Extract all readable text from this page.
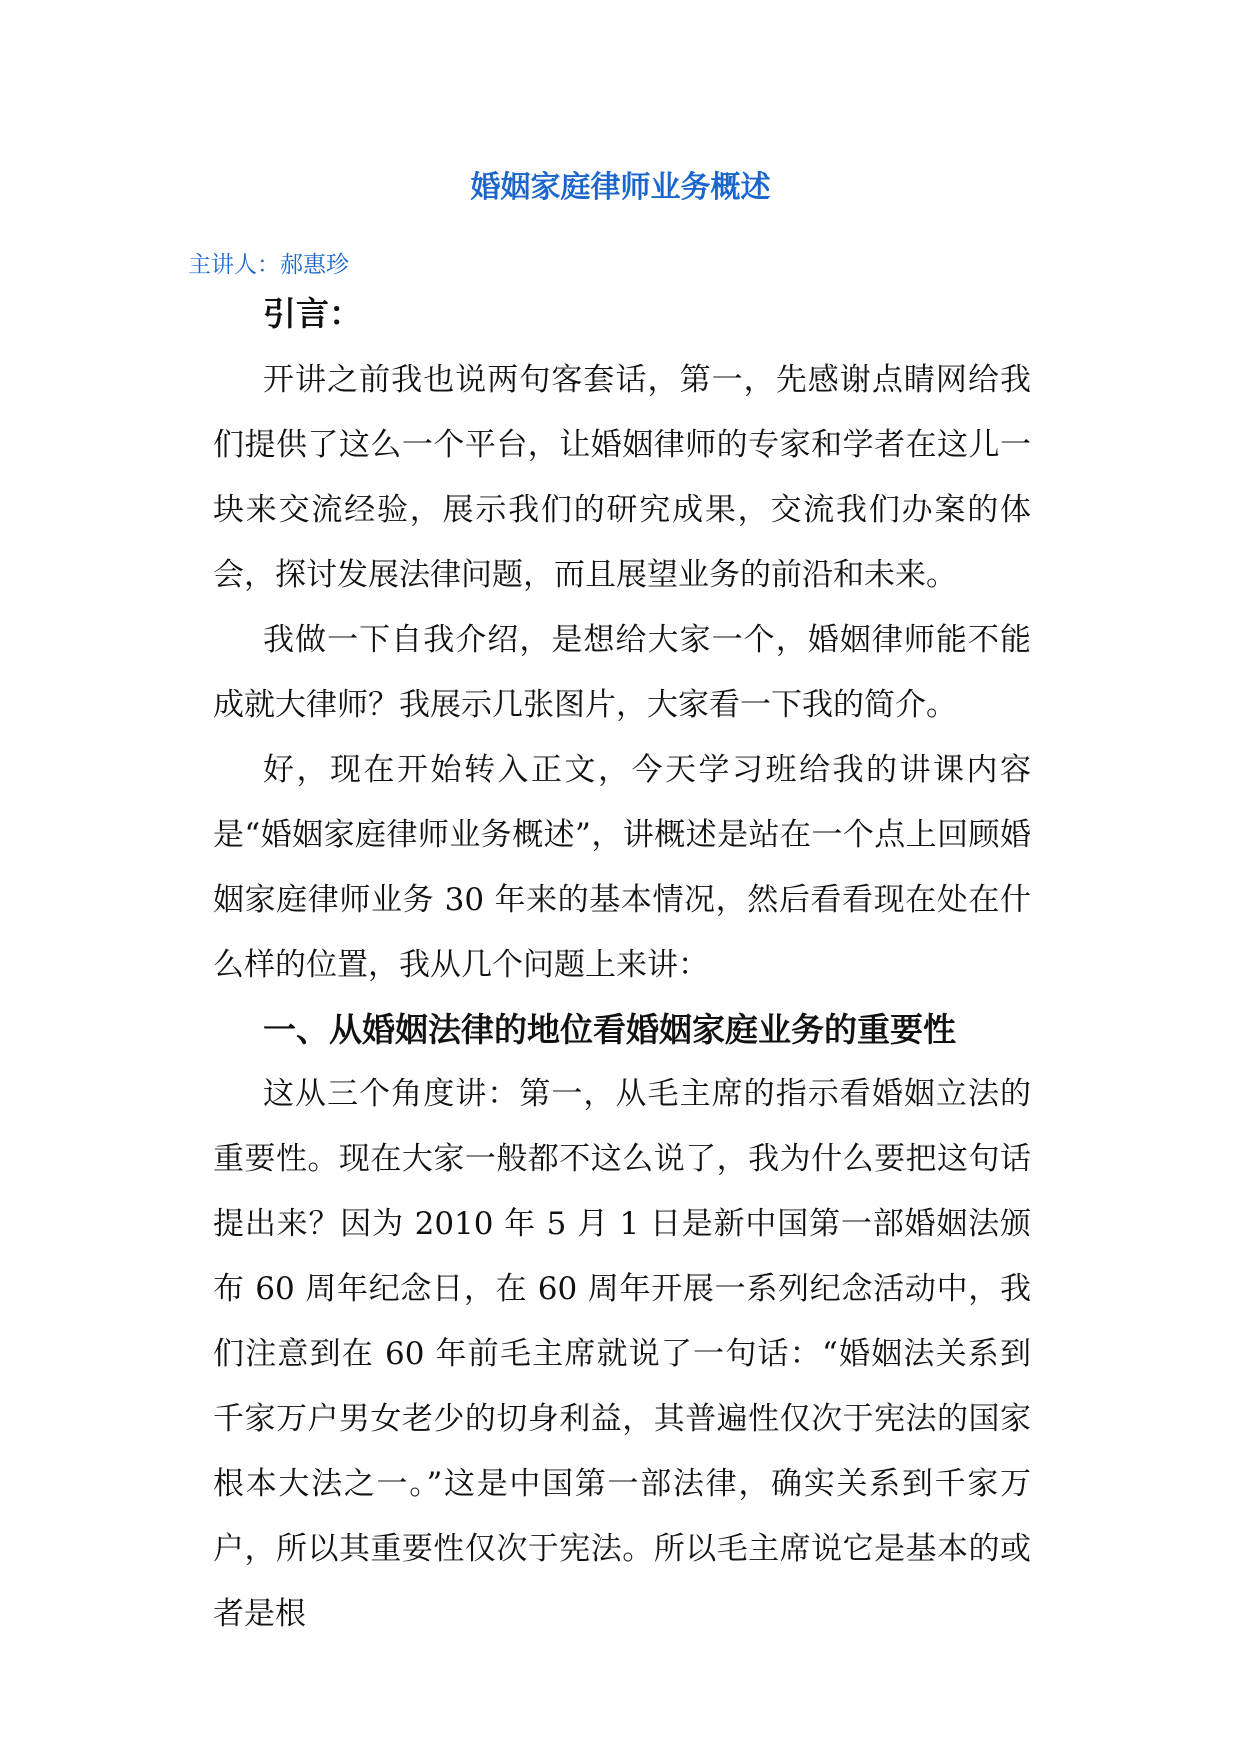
婚姻家庭律师业务概述
主讲人：郝惠珍
引言：

开讲之前我也说两句客套话，第一，先感谢点睛网给我们提供了这么一个平台，让婚姻律师的专家和学者在这儿一块来交流经验，展示我们的研究成果，交流我们办案的体会，探讨发展法律问题，而且展望业务的前沿和未来。

我做一下自我介绍，是想给大家一个，婚姻律师能不能成就大律师？我展示几张图片，大家看一下我的简介。

好，现在开始转入正文，今天学习班给我的讲课内容是“婚姻家庭律师业务概述”，讲概述是站在一个点上回顾婚姻家庭律师业务 30 年来的基本情况，然后看看现在处在什么样的位置，我从几个问题上来讲：

一、从婚姻法律的地位看婚姻家庭业务的重要性

这从三个角度讲：第一，从毛主席的指示看婚姻立法的重要性。现在大家一般都不这么说了，我为什么要把这句话提出来？因为 2010 年 5 月 1 日是新中国第一部婚姻法颁布 60 周年纪念日，在 60 周年开展一系列纪念活动中，我们注意到在 60 年前毛主席就说了一句话：“婚姻法关系到千家万户男女老少的切身利益，其普遍性仅次于宪法的国家根本大法之一。”这是中国第一部法律，确实关系到千家万户，所以其重要性仅次于宪法。所以毛主席说它是基本的或者是根
